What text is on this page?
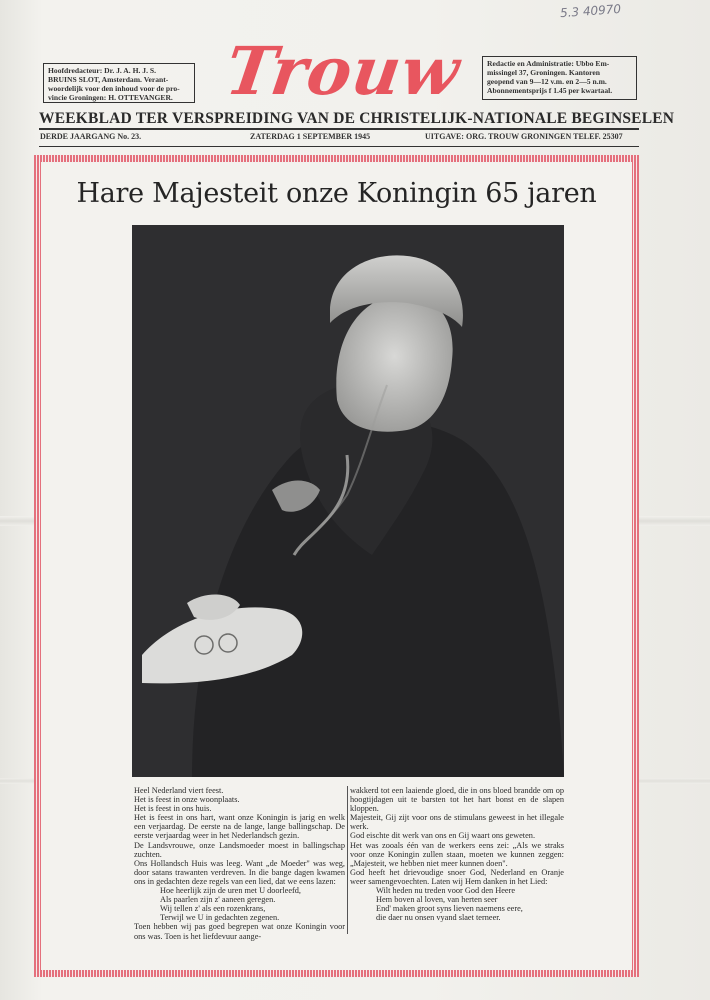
5.3 40970
Hoofdredacteur: Dr. J. A. H. J. S.
BRUINS SLOT, Amsterdam. Verant-
woordelijk voor den inhoud voor de pro-
vincie Groningen: H. OTTEVANGER. Trouw	Redactie en Administratie: Ubbo Em-
missingel 37, Groningen. Kantoren
geopend van 9—12 v.m. en 2—5 n.m.
Abonnementsprijs f 1.45 per kwartaal.
WEEKBLAD TER VERSPREIDING VAN DE CHRISTELIJK-NATIONALE BEGINSELEN
DERDE JAARGANG No. 23.	ZATERDAG 1 SEPTEMBER 1945	UITGAVE: ORG. TROUW GRONINGEN TELEF. 25307
Hare Majesteit onze Koningin 65 jaren

Heel Nederland viert feest.

Het is feest in onze woonplaats.

Het is feest in ons huis.

Het is feest in ons hart, want onze Koningin is jarig en welk een verjaardag. De eerste na de lange, lange ballingschap. De eerste verjaardag weer in het Nederlandsch gezin.

De Landsvrouwe, onze Landsmoeder moest in ballingschap zuchten.

Ons Hollandsch Huis was leeg. Want „de Moeder" was weg, door satans trawanten verdreven. In die bange dagen kwamen ons in gedachten deze regels van een lied, dat we eens lazen:

Hoe heerlijk zijn de uren met U doorleefd,

Als paarlen zijn z' aaneen geregen.

Wij tellen z' als een rozenkrans,

Terwijl we U in gedachten zegenen.

Toen hebben wij pas goed begrepen wat onze Koningin voor ons was. Toen is het liefdevuur aange-

wakkerd tot een laaiende gloed, die in ons bloed brandde om op hoogtijdagen uit te barsten tot het hart bonst en de slapen kloppen.

Majesteit, Gij zijt voor ons de stimulans geweest in het illegale werk.

God eischte dit werk van ons en Gij waart ons geweten.

Het was zooals één van de werkers eens zei: „Als we straks voor onze Koningin zullen staan, moeten we kunnen zeggen: „Majesteit, we hebben niet meer kunnen doen".

God heeft het drievoudige snoer God, Nederland en Oranje weer samengevoechten. Laten wij Hem danken in het Lied:

Wilt heden nu treden voor God den Heere

Hem boven al loven, van herten seer

End' maken groot syns lieven naemens eere,

die daer nu onsen vyand slaet terneer.
